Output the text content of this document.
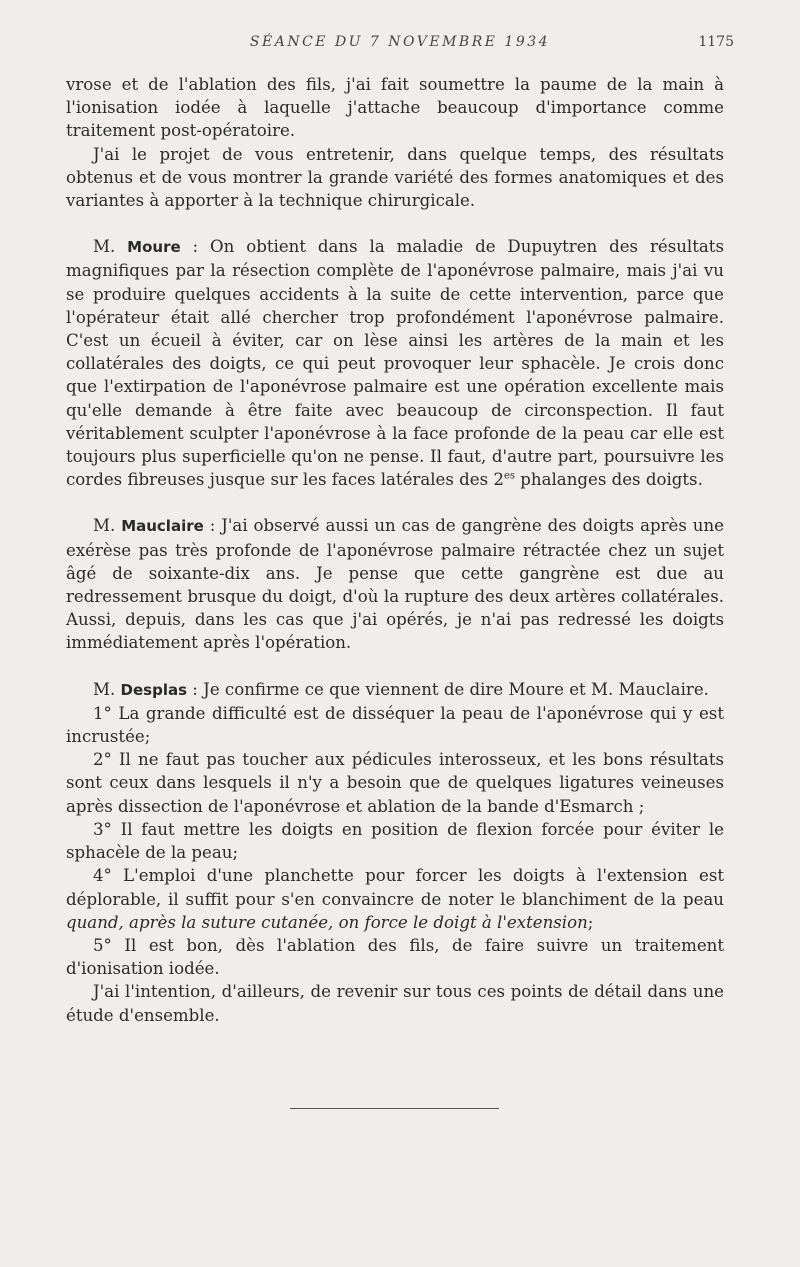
SÉANCE DU 7 NOVEMBRE 1934	1175

vrose et de l'ablation des fils, j'ai fait soumettre la paume de la main à l'ionisation iodée à laquelle j'attache beaucoup d'importance comme traitement post-opératoire.

J'ai le projet de vous entretenir, dans quelque temps, des résultats obtenus et de vous montrer la grande variété des formes anatomiques et des variantes à apporter à la technique chirurgicale.

M. Moure : On obtient dans la maladie de Dupuytren des résultats magnifiques par la résection complète de l'aponévrose palmaire, mais j'ai vu se produire quelques accidents à la suite de cette intervention, parce que l'opérateur était allé chercher trop profondément l'aponévrose palmaire. C'est un écueil à éviter, car on lèse ainsi les artères de la main et les collatérales des doigts, ce qui peut provoquer leur sphacèle. Je crois donc que l'extirpation de l'aponévrose palmaire est une opération excellente mais qu'elle demande à être faite avec beaucoup de circonspection. Il faut véritablement sculpter l'aponévrose à la face profonde de la peau car elle est toujours plus superficielle qu'on ne pense. Il faut, d'autre part, poursuivre les cordes fibreuses jusque sur les faces latérales des $2^{es}$ phalanges des doigts.

M. Mauclaire : J'ai observé aussi un cas de gangrène des doigts après une exérèse pas très profonde de l'aponévrose palmaire rétractée chez un sujet âgé de soixante-dix ans. Je pense que cette gangrène est due au redressement brusque du doigt, d'où la rupture des deux artères collatérales. Aussi, depuis, dans les cas que j'ai opérés, je n'ai pas redressé les doigts immédiatement après l'opération.

M. Desplas : Je confirme ce que viennent de dire Moure et M. Mauclaire.

1° La grande difficulté est de disséquer la peau de l'aponévrose qui y est incrustée;

2° Il ne faut pas toucher aux pédicules interosseux, et les bons résultats sont ceux dans lesquels il n'y a besoin que de quelques ligatures veineuses après dissection de l'aponévrose et ablation de la bande d'Esmarch ;

3° Il faut mettre les doigts en position de flexion forcée pour éviter le sphacèle de la peau;

4° L'emploi d'une planchette pour forcer les doigts à l'extension est déplorable, il suffit pour s'en convaincre de noter le blanchiment de la peau quand, après la suture cutanée, on force le doigt à l'extension;

5° Il est bon, dès l'ablation des fils, de faire suivre un traitement d'ionisation iodée.

J'ai l'intention, d'ailleurs, de revenir sur tous ces points de détail dans une étude d'ensemble.
